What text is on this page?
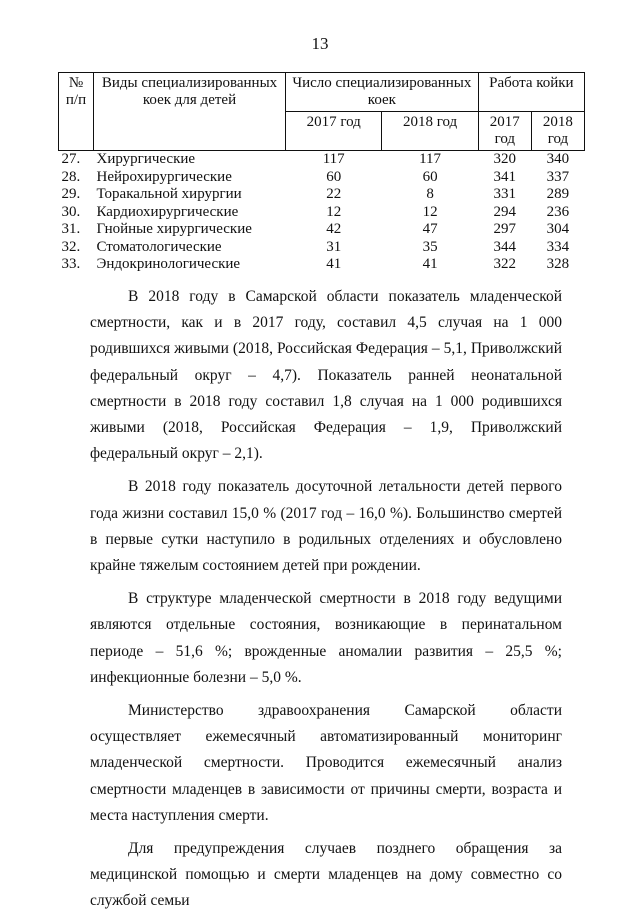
13
№ п/п	Виды специализированных коек для детей	Число специализированных коек		Работа койки	
		2017 год	2018 год	2017 год	2018 год
27.	Хирургические	117	117	320	340
28.	Нейрохирургические	60	60	341	337
29.	Торакальной хирургии	22	8	331	289
30.	Кардиохирургические	12	12	294	236
31.	Гнойные хирургические	42	47	297	304
32.	Стоматологические	31	35	344	334
33.	Эндокринологические	41	41	322	328

В 2018 году в Самарской области показатель младенческой смертности, как и в 2017 году, составил 4,5 случая на 1 000 родившихся живыми (2018, Российская Федерация – 5,1, Приволжский федеральный округ – 4,7). Показатель ранней неонатальной смертности в 2018 году составил 1,8 случая на 1 000 родившихся живыми (2018, Российская Федерация – 1,9, Приволжский федеральный округ – 2,1).

В 2018 году показатель досуточной летальности детей первого года жизни составил 15,0 % (2017 год – 16,0 %). Большинство смертей в первые сутки наступило в родильных отделениях и обусловлено крайне тяжелым состоянием детей при рождении.

В структуре младенческой смертности в 2018 году ведущими являются отдельные состояния, возникающие в перинатальном периоде – 51,6 %; врожденные аномалии развития – 25,5 %; инфекционные болезни – 5,0 %.

Министерство здравоохранения Самарской области осуществляет ежемесячный автоматизированный мониторинг младенческой смертности. Проводится ежемесячный анализ смертности младенцев в зависимости от причины смерти, возраста и места наступления смерти.

Для предупреждения случаев позднего обращения за медицинской помощью и смерти младенцев на дому совместно со службой семьи
